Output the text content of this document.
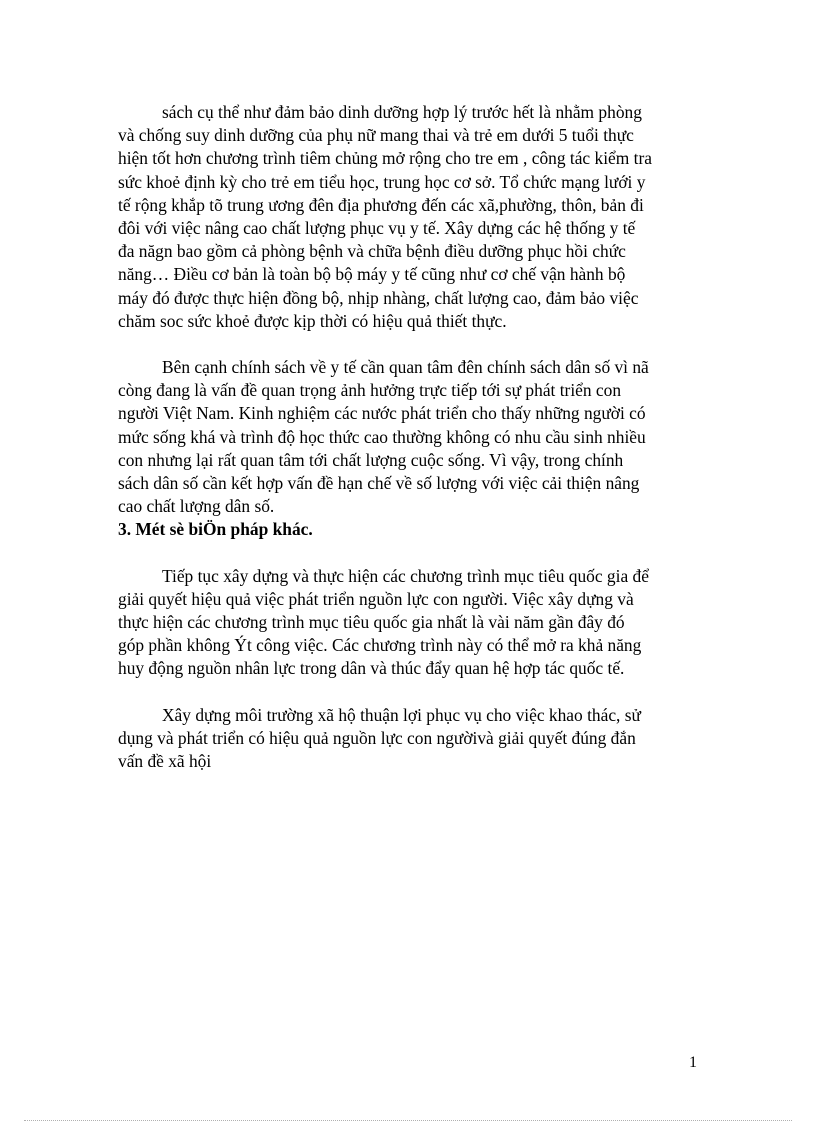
sách cụ thể như đảm bảo dinh dưỡng hợp lý trước hết là nhằm phòng
và chống suy dinh dưỡng của phụ nữ mang thai và trẻ em dưới 5 tuổi thực
hiện tốt hơn chương trình tiêm chủng mở rộng cho tre em , công tác kiểm tra
sức khoẻ định kỳ cho trẻ em tiểu học, trung học cơ sở. Tổ chức mạng lưới y
tế rộng khắp tõ trung ương đên địa phương đến các xã,phường, thôn, bản đi
đôi với việc nâng cao chất lượng phục vụ y tế. Xây dựng các hệ thống y tế
đa năgn bao gồm cả phòng bệnh và chữa bệnh điều dưỡng phục hồi chức
năng… Điều cơ bản là toàn bộ bộ máy y tế cũng như cơ chế vận hành bộ
máy đó được thực hiện đồng bộ, nhịp nhàng, chất lượng cao, đảm bảo việc
chăm soc sức khoẻ được kịp thời có hiệu quả thiết thực.

Bên cạnh chính sách về y tế cần quan tâm đên chính sách dân số vì nã
còng đang là vấn đề quan trọng ảnh hưởng trực tiếp tới sự phát triển con
người Việt Nam. Kinh nghiệm các nước phát triển cho thấy những người có
mức sống khá và trình độ học thức cao thường không có nhu cầu sinh nhiều
con nhưng lại rất quan tâm tới chất lượng cuộc sống. Vì vậy, trong chính
sách dân số cần kết hợp vấn đề hạn chế về số lượng với việc cải thiện nâng
cao chất lượng dân số.

3. Mét sè biÖn pháp khác.

Tiếp tục xây dựng và thực hiện các chương trình mục tiêu quốc gia để
giải quyết hiệu quả việc phát triển nguồn lực con người. Việc xây dựng và
thực hiện các chương trình mục tiêu quốc gia nhất là vài năm gần đây đó
góp phần không Ýt công việc. Các chương trình này có thể mở ra khả năng
huy động nguồn nhân lực trong dân và thúc đẩy quan hệ hợp tác quốc tế.

Xây dựng môi trường xã hộ thuận lợi phục vụ cho việc khao thác, sử
dụng và phát triển có hiệu quả nguồn lực con ngườivà giải quyết đúng đắn
vấn đề xã hội

1
